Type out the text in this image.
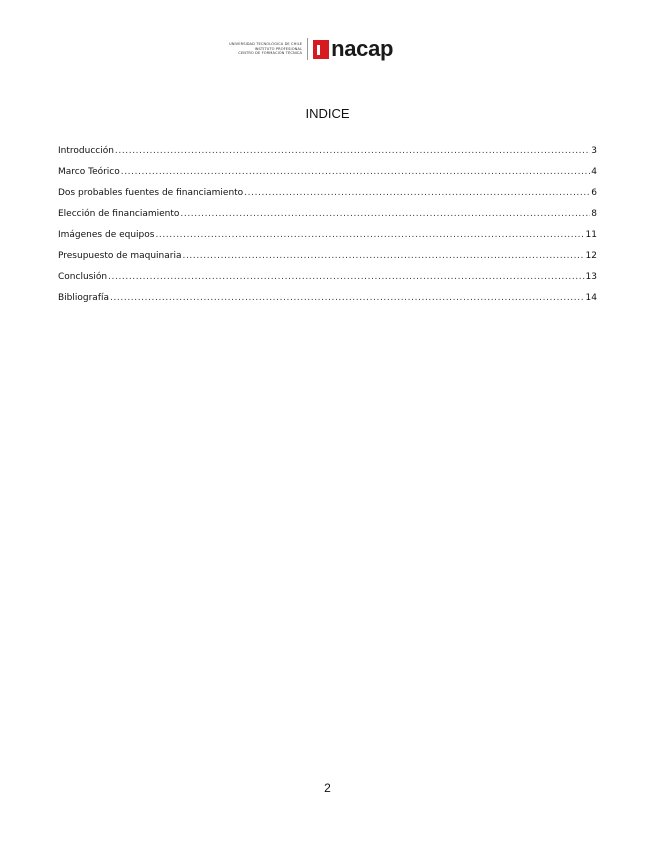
UNIVERSIDAD TECNOLÓGICA DE CHILE
INSTITUTO PROFESIONAL
CENTRO DE FORMACIÓN TÉCNICA nacap
INDICE
Introducción .....	3
Marco Teórico .....	4
Dos probables fuentes de financiamiento .....	6
Elección de financiamiento .....	8
Imágenes de equipos .....	11
Presupuesto de maquinaria .....	12
Conclusión .....	13
Bibliografía .....	14
2
